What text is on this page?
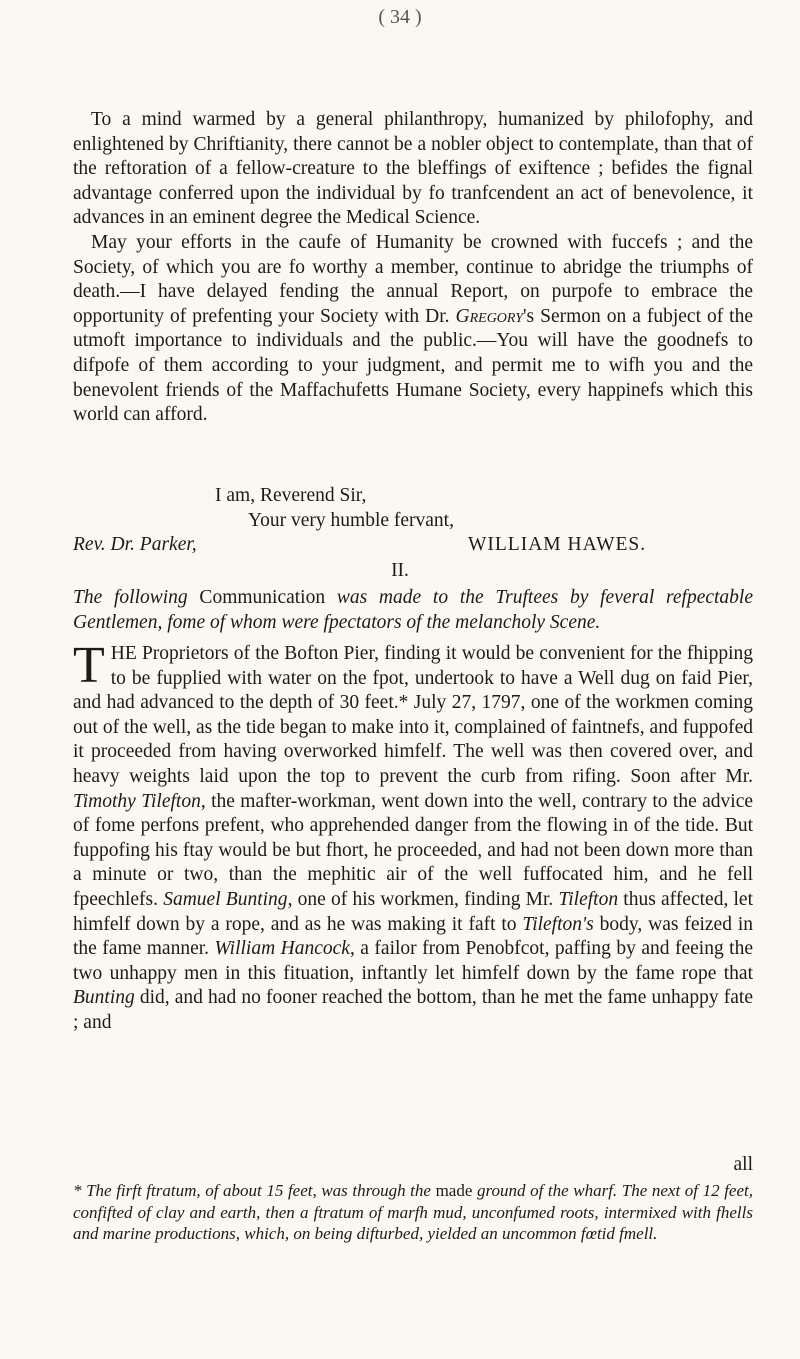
( 34 )

To a mind warmed by a general philanthropy, humanized by philofophy, and enlightened by Chriftianity, there cannot be a nobler object to contemplate, than that of the reftoration of a fellow-creature to the bleffings of exiftence ; befides the fignal advantage conferred upon the individual by fo tranfcendent an act of benevolence, it advances in an eminent degree the Medical Science.

May your efforts in the caufe of Humanity be crowned with fuccefs ; and the Society, of which you are fo worthy a member, continue to abridge the triumphs of death.—I have delayed fending the annual Report, on purpofe to embrace the opportunity of prefenting your Society with Dr. Gregory's Sermon on a fubject of the utmoft importance to individuals and the public.—You will have the goodnefs to difpofe of them according to your judgment, and permit me to wifh you and the benevolent friends of the Maffachufetts Humane Society, every happinefs which this world can afford.

I am, Reverend Sir,
Your very humble fervant,
Rev. Dr. Parker,	WILLIAM HAWES.
II.
The following Communication was made to the Truftees by feveral refpectable Gentlemen, fome of whom were fpectators of the melancholy Scene.
THE Proprietors of the Bofton Pier, finding it would be convenient for the fhipping to be fupplied with water on the fpot, undertook to have a Well dug on faid Pier, and had advanced to the depth of 30 feet.* July 27, 1797, one of the workmen coming out of the well, as the tide began to make into it, complained of faintnefs, and fuppofed it proceeded from having overworked himfelf. The well was then covered over, and heavy weights laid upon the top to prevent the curb from rifing. Soon after Mr. Timothy Tilefton, the mafter-workman, went down into the well, contrary to the advice of fome perfons prefent, who apprehended danger from the flowing in of the tide. But fuppofing his ftay would be but fhort, he proceeded, and had not been down more than a minute or two, than the mephitic air of the well fuffocated him, and he fell fpeechlefs. Samuel Bunting, one of his workmen, finding Mr. Tilefton thus affected, let himfelf down by a rope, and as he was making it faft to Tilefton's body, was feized in the fame manner. William Hancock, a failor from Penobfcot, paffing by and feeing the two unhappy men in this fituation, inftantly let himfelf down by the fame rope that Bunting did, and had no fooner reached the bottom, than he met the fame unhappy fate ; and
all
* The firft ftratum, of about 15 feet, was through the made ground of the wharf. The next of 12 feet, confifted of clay and earth, then a ftratum of marfh mud, unconfumed roots, intermixed with fhells and marine productions, which, on being difturbed, yielded an uncommon fœtid fmell.
